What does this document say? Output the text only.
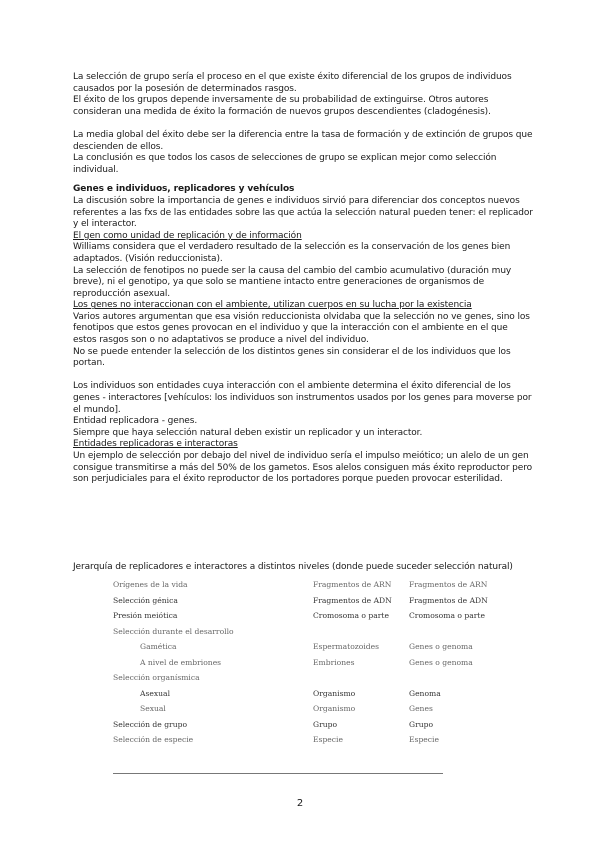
La selección de grupo sería el proceso en el que existe éxito diferencial de los grupos de individuos causados por la posesión de determinados rasgos.

El éxito de los grupos depende inversamente de su probabilidad de extinguirse. Otros autores consideran una medida de éxito la formación de nuevos grupos descendientes (cladogénesis).

La media global del éxito debe ser la diferencia entre la tasa de formación y de extinción de grupos que descienden de ellos.

La conclusión es que todos los casos de selecciones de grupo se explican mejor como selección individual.

Genes e individuos, replicadores y vehículos

La discusión sobre la importancia de genes e individuos sirvió para diferenciar dos conceptos nuevos referentes a las fxs de las entidades sobre las que actúa la selección natural pueden tener: el replicador y el interactor.

El gen como unidad de replicación y de información

Williams considera que el verdadero resultado de la selección es la conservación de los genes bien adaptados. (Visión reduccionista).

La selección de fenotipos no puede ser la causa del cambio del cambio acumulativo (duración muy breve), ni el genotipo, ya que solo se mantiene intacto entre generaciones de organismos de reproducción asexual.

Los genes no interaccionan con el ambiente, utilizan cuerpos en su lucha por la existencia

Varios autores argumentan que esa visión reduccionista olvidaba que la selección no ve genes, sino los fenotipos que estos genes provocan en el individuo y que la interacción con el ambiente en el que estos rasgos son o no adaptativos se produce a nivel del individuo.

No se puede entender la selección de los distintos genes sin considerar el de los individuos que los portan.

Los individuos son entidades cuya interacción con el ambiente determina el éxito diferencial de los genes - interactores [vehículos: los individuos son instrumentos usados por los genes para moverse por el mundo].

Entidad replicadora - genes.

Siempre que haya selección natural deben existir un replicador y un interactor.

Entidades replicadoras e interactoras

Un ejemplo de selección por debajo del nivel de individuo sería el impulso meiótico; un alelo de un gen consigue transmitirse a más del 50% de los gametos. Esos alelos consiguen más éxito reproductor pero son perjudiciales para el éxito reproductor de los portadores porque pueden provocar esterilidad.

Jerarquía de replicadores e interactores a distintos niveles (donde puede suceder selección natural)

Orígenes de la vida	Fragmentos de ARN	Fragmentos de ARN
Selección génica	Fragmentos de ADN	Fragmentos de ADN
Presión meiótica	Cromosoma o parte	Cromosoma o parte
Selección durante el desarrollo		
Gamética	Espermatozoides	Genes o genoma
A nivel de embriones	Embriones	Genes o genoma
Selección organísmica		
Asexual	Organismo	Genoma
Sexual	Organismo	Genes
Selección de grupo	Grupo	Grupo
Selección de especie	Especie	Especie
2
